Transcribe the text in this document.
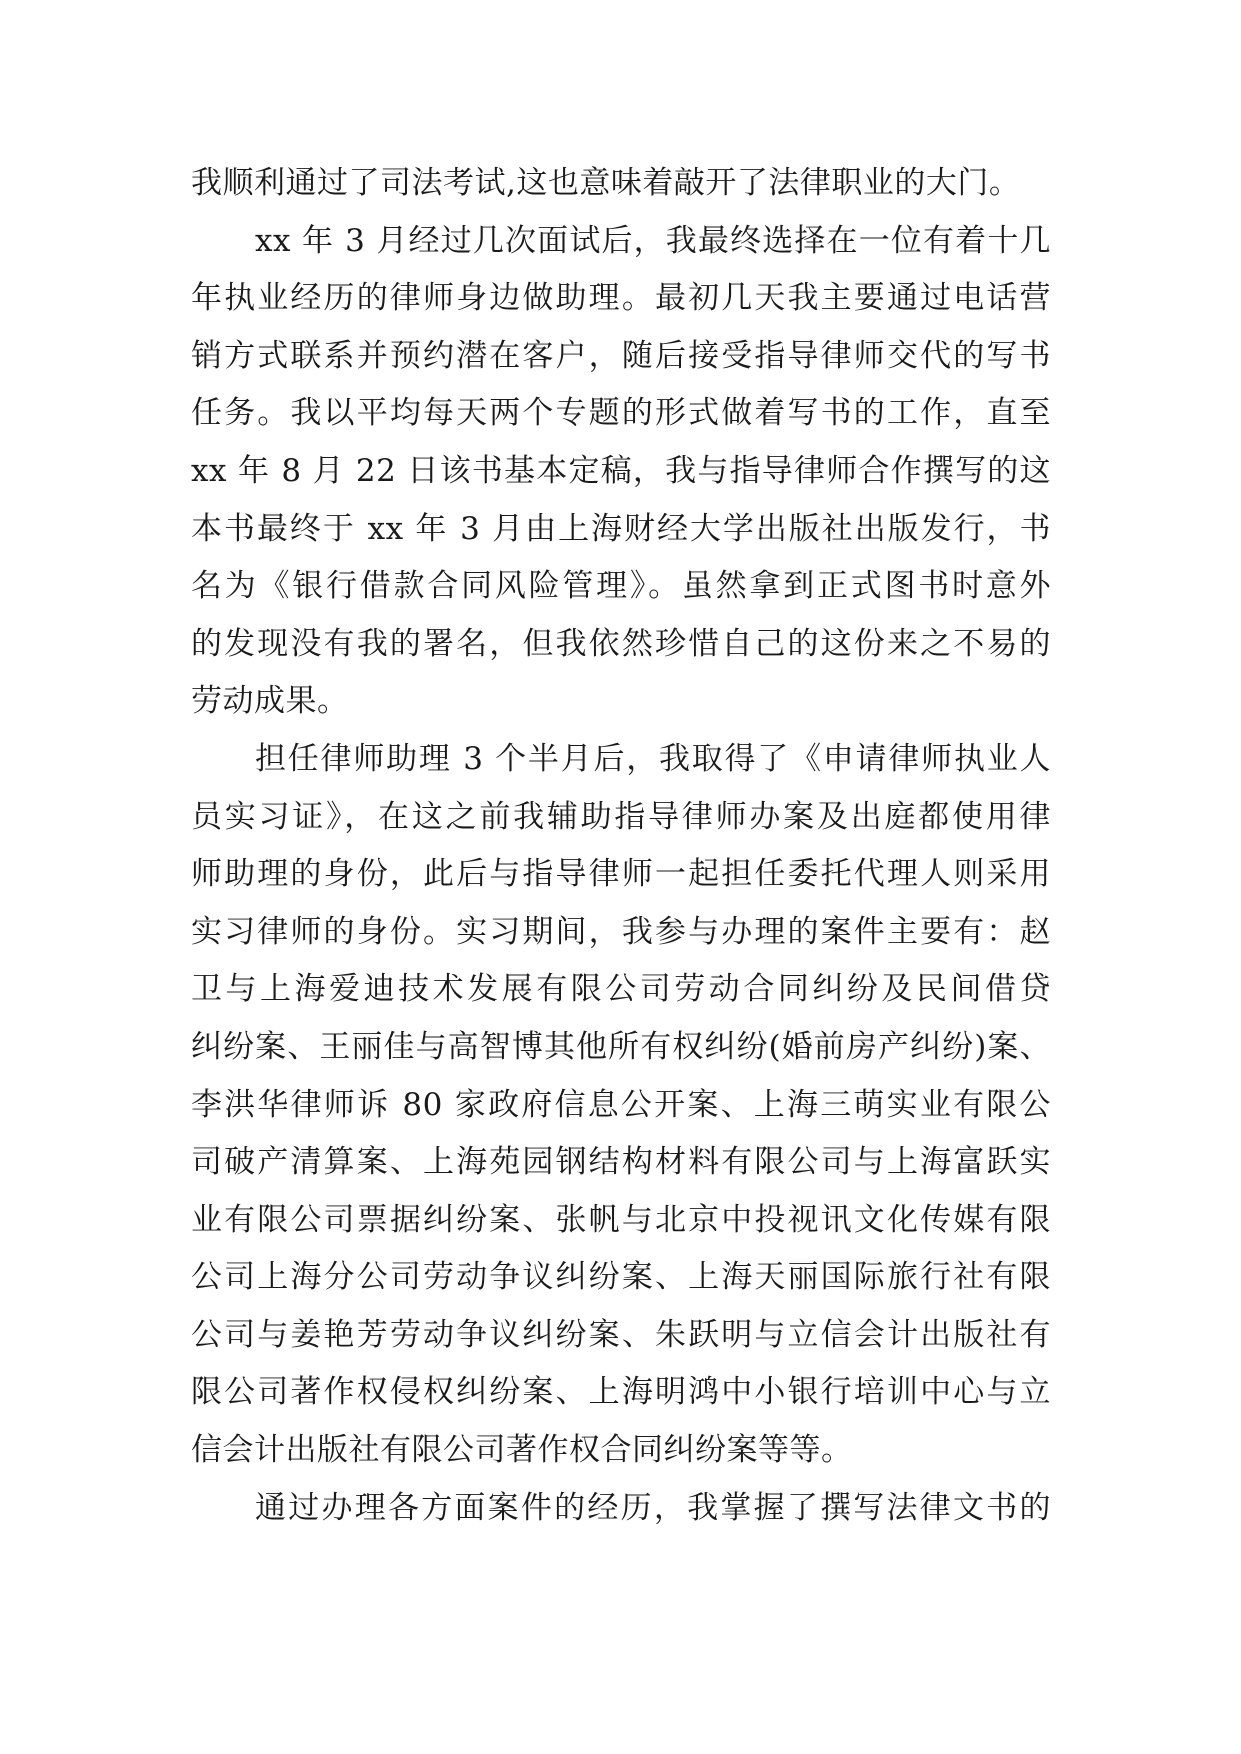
我顺利通过了司法考试,这也意味着敲开了法律职业的大门。
xx 年 3 月经过几次面试后，我最终选择在一位有着十几
年执业经历的律师身边做助理。最初几天我主要通过电话营
销方式联系并预约潜在客户，随后接受指导律师交代的写书
任务。我以平均每天两个专题的形式做着写书的工作，直至
xx 年 8 月 22 日该书基本定稿，我与指导律师合作撰写的这
本书最终于 xx 年 3 月由上海财经大学出版社出版发行，书
名为《银行借款合同风险管理》。虽然拿到正式图书时意外
的发现没有我的署名，但我依然珍惜自己的这份来之不易的
劳动成果。
担任律师助理 3 个半月后，我取得了《申请律师执业人
员实习证》，在这之前我辅助指导律师办案及出庭都使用律
师助理的身份，此后与指导律师一起担任委托代理人则采用
实习律师的身份。实习期间，我参与办理的案件主要有：赵
卫与上海爱迪技术发展有限公司劳动合同纠纷及民间借贷
纠纷案、王丽佳与高智博其他所有权纠纷(婚前房产纠纷)案、
李洪华律师诉 80 家政府信息公开案、上海三萌实业有限公
司破产清算案、上海苑园钢结构材料有限公司与上海富跃实
业有限公司票据纠纷案、张帆与北京中投视讯文化传媒有限
公司上海分公司劳动争议纠纷案、上海天丽国际旅行社有限
公司与姜艳芳劳动争议纠纷案、朱跃明与立信会计出版社有
限公司著作权侵权纠纷案、上海明鸿中小银行培训中心与立
信会计出版社有限公司著作权合同纠纷案等等。
通过办理各方面案件的经历，我掌握了撰写法律文书的
